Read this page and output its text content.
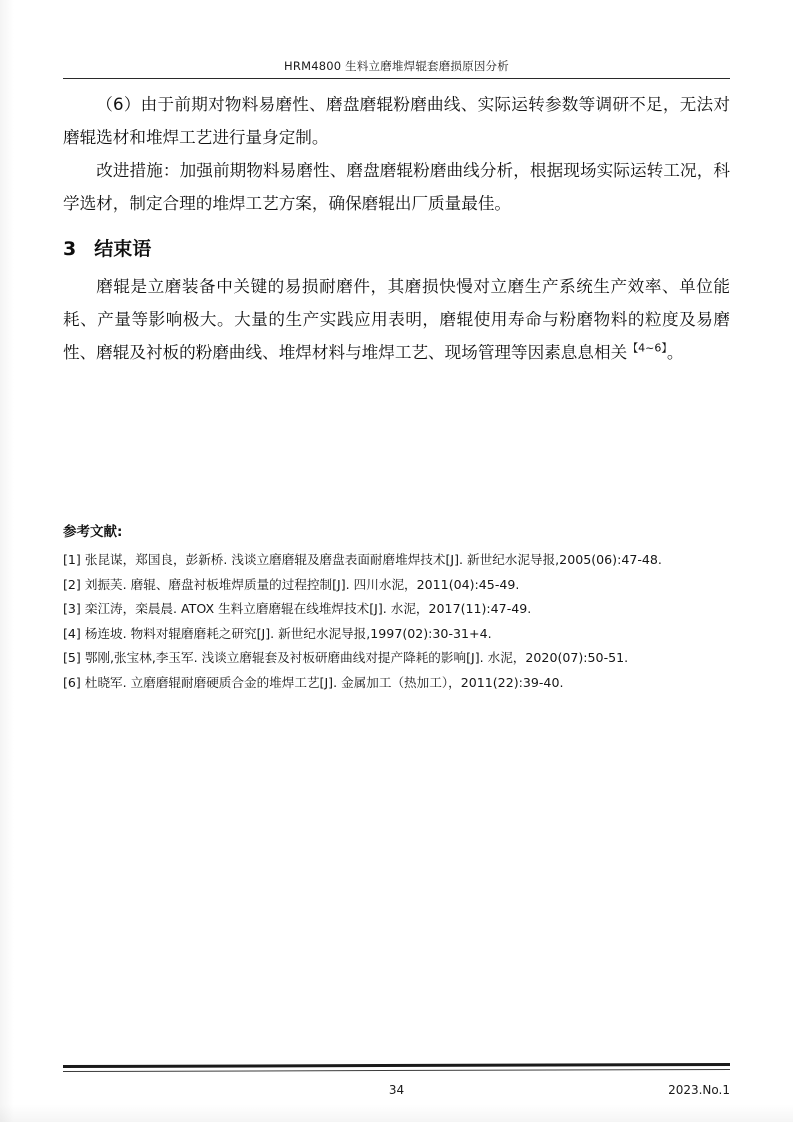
HRM4800 生料立磨堆焊辊套磨损原因分析

（6）由于前期对物料易磨性、磨盘磨辊粉磨曲线、实际运转参数等调研不足，无法对磨辊选材和堆焊工艺进行量身定制。

改进措施：加强前期物料易磨性、磨盘磨辊粉磨曲线分析，根据现场实际运转工况，科学选材，制定合理的堆焊工艺方案，确保磨辊出厂质量最佳。

3 结束语

磨辊是立磨装备中关键的易损耐磨件，其磨损快慢对立磨生产系统生产效率、单位能耗、产量等影响极大。大量的生产实践应用表明，磨辊使用寿命与粉磨物料的粒度及易磨性、磨辊及衬板的粉磨曲线、堆焊材料与堆焊工艺、现场管理等因素息息相关$^{【4\sim 6】}$。

参考文献:
[1] 张昆谋，郑国良，彭新桥. 浅谈立磨磨辊及磨盘表面耐磨堆焊技术[J]. 新世纪水泥导报,2005(06):47-48.
[2] 刘振芙. 磨辊、磨盘衬板堆焊质量的过程控制[J]. 四川水泥，2011(04):45-49.
[3] 栾江涛，栾晨晨. ATOX 生料立磨磨辊在线堆焊技术[J]. 水泥，2017(11):47-49.
[4] 杨连坡. 物料对辊磨磨耗之研究[J]. 新世纪水泥导报,1997(02):30-31+4.
[5] 鄂刚,张宝林,李玉军. 浅谈立磨辊套及衬板研磨曲线对提产降耗的影响[J]. 水泥，2020(07):50-51.
[6] 杜晓军. 立磨磨辊耐磨硬质合金的堆焊工艺[J]. 金属加工（热加工），2011(22):39-40.
34	2023.No.1
